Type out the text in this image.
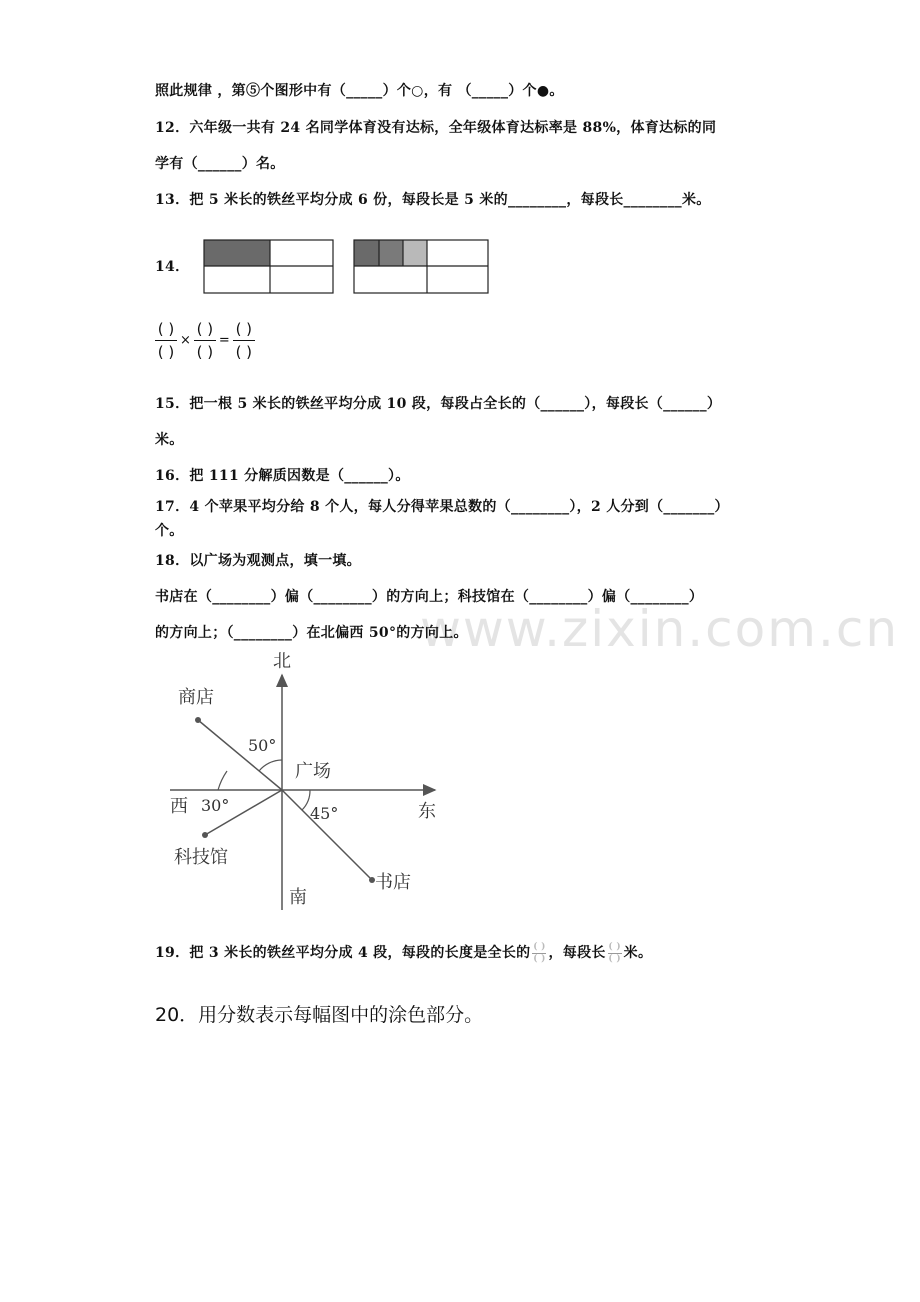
www.zixin.com.cn
照此规律 ，第⑤个图形中有（_____）个○，有 （_____）个●。
12．六年级一共有 24 名同学体育没有达标，全年级体育达标率是 88%，体育达标的同
学有（______）名。
13．把 5 米长的铁丝平均分成 6 份，每段长是 5 米的________，每段长________米。
14．
$\frac{( )}{( )} \times \frac{( )}{( )} = \frac{( )}{( )}$
15．把一根 5 米长的铁丝平均分成 10 段，每段占全长的（______），每段长（______）
米。
16．把 111 分解质因数是（______）。
17．4 个苹果平均分给 8 个人，每人分得苹果总数的（________），2 人分到（_______）
个。
18．以广场为观测点，填一填。
书店在（________）偏（________）的方向上；科技馆在（________）偏（________）
的方向上；（________）在北偏西 50°的方向上。
北
南
东
西
广场
商店
书店
科技馆
50°
30°	45°
19．把 3 米长的铁丝平均分成 4 段，每段的长度是全长的 $\frac{( )}{( )}$ ，每段长 $\frac{( )}{( )}$ 米。
20．用分数表示每幅图中的涂色部分。
